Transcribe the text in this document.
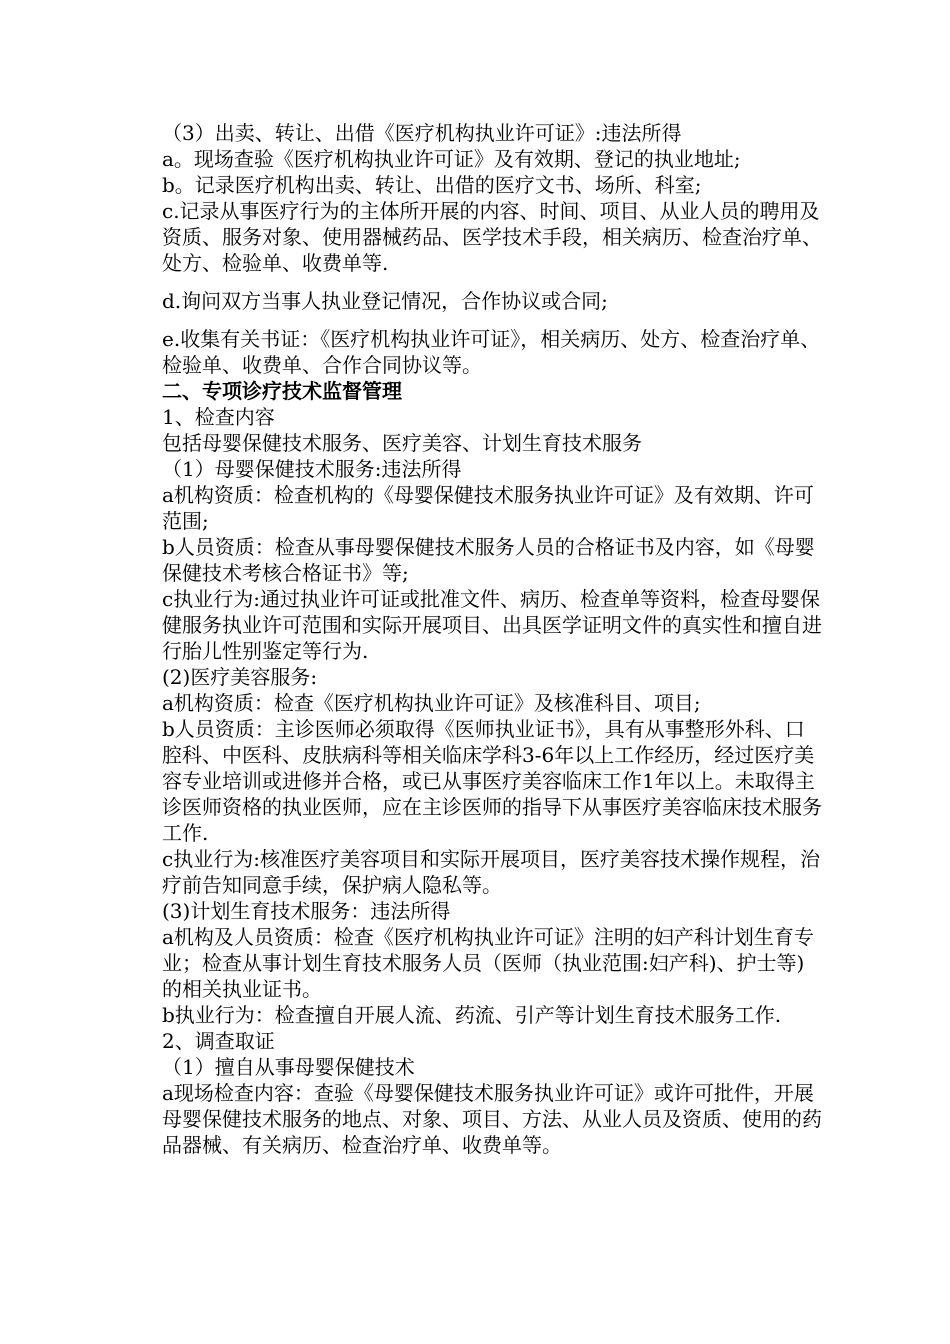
（3）出卖、转让、出借《医疗机构执业许可证》:违法所得

a。现场查验《医疗机构执业许可证》及有效期、登记的执业地址;

b。记录医疗机构出卖、转让、出借的医疗文书、场所、科室;

c.记录从事医疗行为的主体所开展的内容、时间、项目、从业人员的聘用及资质、服务对象、使用器械药品、医学技术手段，相关病历、检查治疗单、处方、检验单、收费单等.

d.询问双方当事人执业登记情况，合作协议或合同;

e.收集有关书证：《医疗机构执业许可证》，相关病历、处方、检查治疗单、检验单、收费单、合作合同协议等。

二、专项诊疗技术监督管理

1、检查内容

包括母婴保健技术服务、医疗美容、计划生育技术服务

（1）母婴保健技术服务:违法所得

a机构资质：检查机构的《母婴保健技术服务执业许可证》及有效期、许可范围;

b人员资质：检查从事母婴保健技术服务人员的合格证书及内容，如《母婴保健技术考核合格证书》等;

c执业行为:通过执业许可证或批准文件、病历、检查单等资料，检查母婴保健服务执业许可范围和实际开展项目、出具医学证明文件的真实性和擅自进行胎儿性别鉴定等行为.

(2)医疗美容服务:

a机构资质：检查《医疗机构执业许可证》及核准科目、项目;

b人员资质：主诊医师必须取得《医师执业证书》，具有从事整形外科、口腔科、中医科、皮肤病科等相关临床学科3-6年以上工作经历，经过医疗美容专业培训或进修并合格，或已从事医疗美容临床工作1年以上。未取得主诊医师资格的执业医师，应在主诊医师的指导下从事医疗美容临床技术服务工作.

c执业行为:核准医疗美容项目和实际开展项目，医疗美容技术操作规程，治疗前告知同意手续，保护病人隐私等。

(3)计划生育技术服务：违法所得

a机构及人员资质：检查《医疗机构执业许可证》注明的妇产科计划生育专业；检查从事计划生育技术服务人员（医师（执业范围:妇产科)、护士等)的相关执业证书。

b执业行为：检查擅自开展人流、药流、引产等计划生育技术服务工作.

2、调查取证

（1）擅自从事母婴保健技术

a现场检查内容：查验《母婴保健技术服务执业许可证》或许可批件，开展母婴保健技术服务的地点、对象、项目、方法、从业人员及资质、使用的药品器械、有关病历、检查治疗单、收费单等。
